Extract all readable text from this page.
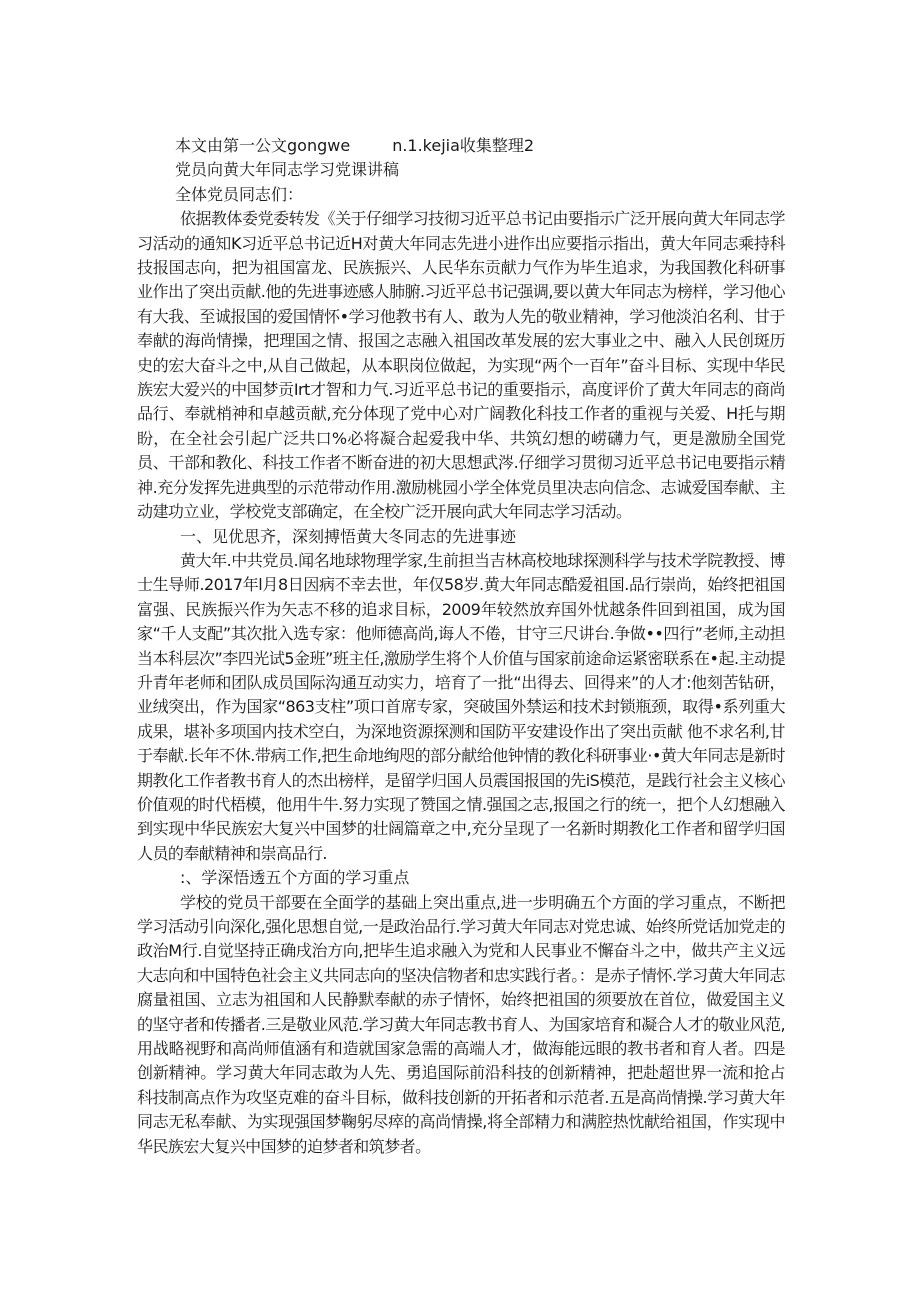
本文由第一公文gongwe	n.1.kejia收集整理2

党员向黄大年同志学习党课讲稿

全体党员同志们：

依据教体委党委转发《关于仔细学习技彻习近平总书记由要指示广泛开展向黄大年同志学习活动的通知K习近平总书记近H对黄大年同志先进小进作出应要指示指出，黄大年同志乘持科技报国志向，把为祖国富龙、民族振兴、人民华东贡献力气作为毕生追求，为我国教化科研事业作出了突出贡献.他的先进事迹感人肺腑.习近平总书记强调,要以黄大年同志为榜样，学习他心有大我、至诚报国的爱国情怀•学习他教书有人、敢为人先的敬业精神，学习他淡泊名利、甘于奉献的海尚情操，把理国之情、报国之志融入祖国改革发展的宏大事业之中、融入人民创斑历史的宏大奋斗之中,从自己做起，从本职岗位做起，为实现“两个一百年”奋斗目标、实现中华民族宏大爱兴的中国梦贡Irt才智和力气.习近平总书记的重要指示，高度评价了黄大年同志的商尚品行、奉就梢神和卓越贡献,充分体现了党中心对广阔教化科技工作者的重视与关爱、H托与期盼，在全社会引起广泛共口%必将凝合起爱我中华、共筑幻想的崂礴力气，更是激励全国党员、干部和教化、科技工作者不断奋进的初大思想武涔.仔细学习贯彻习近平总书记电要指示精神.充分发挥先进典型的示范带动作用.激励桃园小学全体党员里决志向信念、志诚爱国奉献、主动建功立业，学校党支部确定，在全校广泛开展向武大年同志学习活动。

一、见优思齐，深刻搏悟黄大冬同志的先进事迹

黄大年.中共党员.闻名地球物理学家,生前担当吉林高校地球探测科学与技术学院教授、博士生导师.2017年l月8日因病不幸去世，年仅58岁.黄大年同志酷爱祖国.品行崇尚，始终把祖国富强、民族振兴作为矢志不移的追求目标，2009年较然放弃国外忧越条件回到祖国，成为国家“千人支配”其次批入选专家：他师德高尚,诲人不倦，甘守三尺讲台.争做••四行”老师,主动担当本科层次”李四光试5金班”班主任,激励学生将个人价值与国家前途命运紧密联系在•起.主动提升青年老师和团队成员国际沟通互动实力，培育了一批“出得去、回得来”的人才:他刻苦钻研，业绒突出，作为国家“863支柱”项口首席专家，突破国外禁运和技术封锁瓶颈，取得•系列重大成果，堪补多项国内技术空白，为深地资源探测和国防平安建设作出了突出贡献 他不求名利,甘于奉献.长年不休.带病工作,把生命地绚咫的部分献给他钟情的教化科研事业·•黄大年同志是新时期教化工作者教书育人的杰出榜样，是留学归国人员震国报国的先iS模范，是践行社会主义核心价值观的时代梧模，他用牛牛.努力实现了赞国之情.强国之志,报国之行的统一，把个人幻想融入到实现中华民族宏大复兴中国梦的壮阔篇章之中,充分呈现了一名新时期教化工作者和留学归国人员的奉献精神和崇高品行.

:、学深悟透五个方面的学习重点

学校的党员干部要在全面学的基础上突出重点,进一步明确五个方面的学习重点，不断把学习活动引向深化,强化思想自觉,一是政治品行.学习黄大年同志对党忠诚、始终所党话加党走的政治M行.自觉坚持正确戌治方向,把毕生追求融入为党和人民事业不懈奋斗之中，做共产主义远大志向和中国特色社会主义共同志向的坚决信物者和忠实践行者。：是赤子情怀.学习黄大年同志腐量祖国、立志为祖国和人民静默奉献的赤子情怀，始终把祖国的须要放在首位，做爱国主义的坚守者和传播者.三是敬业风范.学习黄大年同志教书育人、为国家培育和凝合人才的敬业风范,用战略视野和高尚师值涵有和造就国家急需的高端人才，做海能远眼的教书者和育人者。四是创新精神。学习黄大年同志敢为人先、勇追国际前沿科技的创新精神，把赴超世界一流和抢占科技制高点作为攻坚克难的奋斗目标，做科技创新的开拓者和示范者.五是高尚情操.学习黄大年同志无私奉献、为实现强国梦鞠躬尽瘁的高尚情操,将全部精力和满腔热忱献给祖国，作实现中华民族宏大复兴中国梦的迫梦者和筑梦者。
